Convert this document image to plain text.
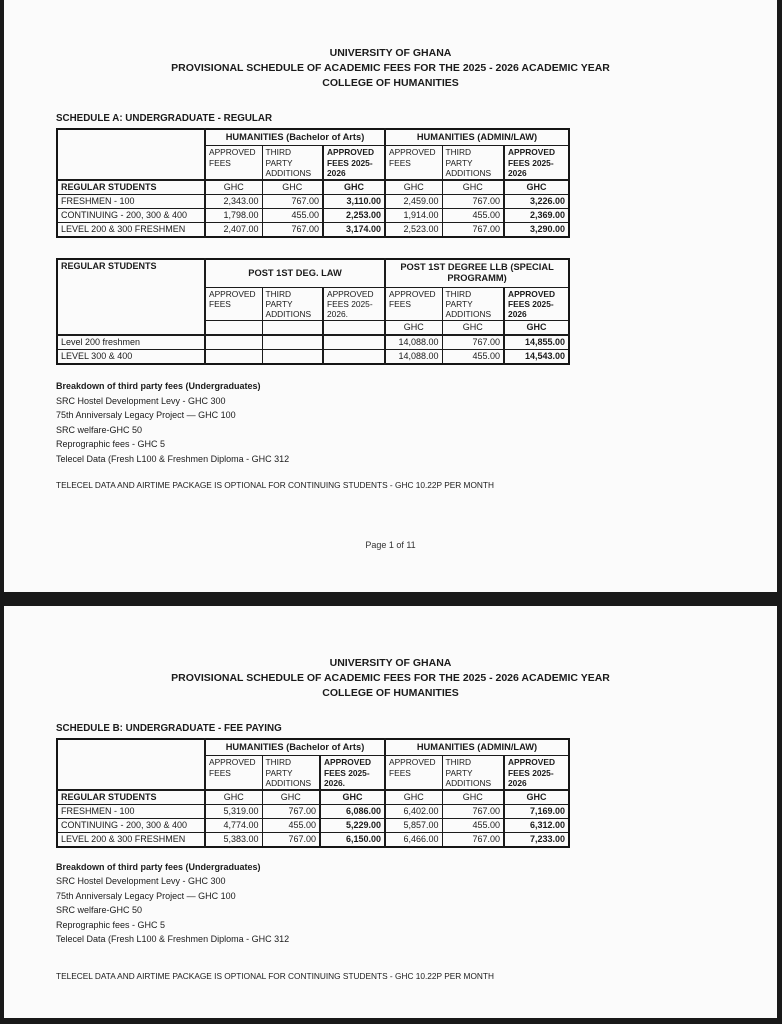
UNIVERSITY OF GHANA
PROVISIONAL SCHEDULE OF ACADEMIC FEES FOR THE 2025 - 2026 ACADEMIC YEAR
COLLEGE OF HUMANITIES
SCHEDULE A: UNDERGRADUATE - REGULAR
	HUMANITIES (Bachelor of Arts)			HUMANITIES (ADMIN/LAW)		
	APPROVED FEES	THIRD PARTY ADDITIONS	APPROVED FEES 2025-2026	APPROVED FEES	THIRD PARTY ADDITIONS	APPROVED FEES 2025-2026
REGULAR STUDENTS	GHC	GHC	GHC	GHC	GHC	GHC
FRESHMEN - 100	2,343.00	767.00	3,110.00	2,459.00	767.00	3,226.00
CONTINUING - 200, 300 & 400	1,798.00	455.00	2,253.00	1,914.00	455.00	2,369.00
LEVEL 200 & 300 FRESHMEN	2,407.00	767.00	3,174.00	2,523.00	767.00	3,290.00
REGULAR STUDENTS	POST 1ST DEG. LAW			POST 1ST DEGREE LLB (SPECIAL PROGRAMM)		
	APPROVED FEES	THIRD PARTY ADDITIONS	APPROVED FEES 2025-2026.	APPROVED FEES	THIRD PARTY ADDITIONS	APPROVED FEES 2025-2026
				GHC	GHC	GHC
Level 200 freshmen				14,088.00	767.00	14,855.00
LEVEL 300 & 400				14,088.00	455.00	14,543.00
Breakdown of third party fees (Undergraduates)
SRC Hostel Development Levy - GHC 300
75th Anniversaly Legacy Project — GHC 100
SRC welfare-GHC 50
Reprographic fees - GHC 5
Telecel Data (Fresh L100 & Freshmen Diploma - GHC 312
TELECEL DATA AND AIRTIME PACKAGE IS OPTIONAL FOR CONTINUING STUDENTS - GHC 10.22P PER MONTH
Page 1 of 11
UNIVERSITY OF GHANA
PROVISIONAL SCHEDULE OF ACADEMIC FEES FOR THE 2025 - 2026 ACADEMIC YEAR
COLLEGE OF HUMANITIES
SCHEDULE B: UNDERGRADUATE - FEE PAYING
	HUMANITIES (Bachelor of Arts)			HUMANITIES (ADMIN/LAW)		
	APPROVED FEES	THIRD PARTY ADDITIONS	APPROVED FEES 2025-2026.	APPROVED FEES	THIRD PARTY ADDITIONS	APPROVED FEES 2025-2026
REGULAR STUDENTS	GHC	GHC	GHC	GHC	GHC	GHC
FRESHMEN - 100	5,319.00	767.00	6,086.00	6,402.00	767.00	7,169.00
CONTINUING - 200, 300 & 400	4,774.00	455.00	5,229.00	5,857.00	455.00	6,312.00
LEVEL 200 & 300 FRESHMEN	5,383.00	767.00	6,150.00	6,466.00	767.00	7,233.00
Breakdown of third party fees (Undergraduates)
SRC Hostel Development Levy - GHC 300
75th Anniversaly Legacy Project — GHC 100
SRC welfare-GHC 50
Reprographic fees - GHC 5
Telecel Data (Fresh L100 & Freshmen Diploma - GHC 312
TELECEL DATA AND AIRTIME PACKAGE IS OPTIONAL FOR CONTINUING STUDENTS - GHC 10.22P PER MONTH
